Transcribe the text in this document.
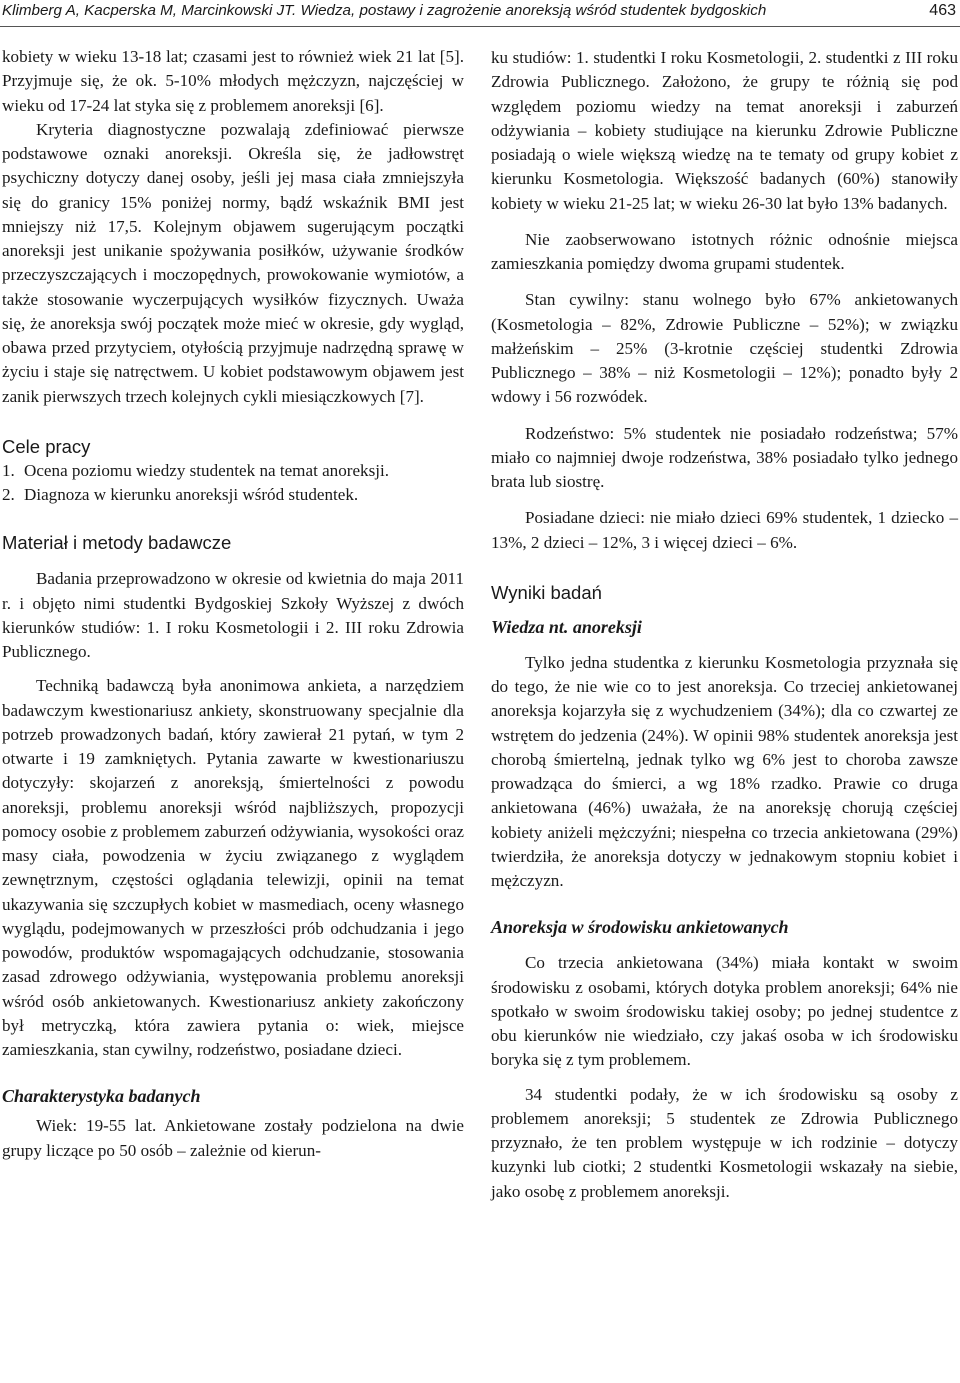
Klimberg A, Kacperska M, Marcinkowski JT. Wiedza, postawy i zagrożenie anoreksją wśród studentek bydgoskich	463

kobiety w wieku 13-18 lat; czasami jest to również wiek 21 lat [5]. Przyjmuje się, że ok. 5-10% młodych mężczyzn, najczęściej w wieku od 17-24 lat styka się z problemem anoreksji [6].

Kryteria diagnostyczne pozwalają zdefiniować pierwsze podstawowe oznaki anoreksji. Określa się, że jadłowstręt psychiczny dotyczy danej osoby, jeśli jej masa ciała zmniejszyła się do granicy 15% poniżej normy, bądź wskaźnik BMI jest mniejszy niż 17,5. Kolejnym objawem sugerującym początki anoreksji jest unikanie spożywania posiłków, używanie środków przeczyszczających i moczopędnych, prowokowanie wymiotów, a także stosowanie wyczerpujących wysiłków fizycznych. Uważa się, że anoreksja swój początek może mieć w okresie, gdy wygląd, obawa przed przytyciem, otyłością przyjmuje nadrzędną sprawę w życiu i staje się natręctwem. U kobiet podstawowym objawem jest zanik pierwszych trzech kolejnych cykli miesiączkowych [7].

Cele pracy
1. Ocena poziomu wiedzy studentek na temat anoreksji.
2. Diagnoza w kierunku anoreksji wśród studentek.
Materiał i metody badawcze

Badania przeprowadzono w okresie od kwietnia do maja 2011 r. i objęto nimi studentki Bydgoskiej Szkoły Wyższej z dwóch kierunków studiów: 1. I roku Kosmetologii i 2. III roku Zdrowia Publicznego.

Techniką badawczą była anonimowa ankieta, a narzędziem badawczym kwestionariusz ankiety, skonstruowany specjalnie dla potrzeb prowadzonych badań, który zawierał 21 pytań, w tym 2 otwarte i 19 zamkniętych. Pytania zawarte w kwestionariuszu dotyczyły: skojarzeń z anoreksją, śmiertelności z powodu anoreksji, problemu anoreksji wśród najbliższych, propozycji pomocy osobie z problemem zaburzeń odżywiania, wysokości oraz masy ciała, powodzenia w życiu związanego z wyglądem zewnętrznym, częstości oglądania telewizji, opinii na temat ukazywania się szczupłych kobiet w masmediach, oceny własnego wyglądu, podejmowanych w przeszłości prób odchudzania i jego powodów, produktów wspomagających odchudzanie, stosowania zasad zdrowego odżywiania, występowania problemu anoreksji wśród osób ankietowanych. Kwestionariusz ankiety zakończony był metryczką, która zawiera pytania o: wiek, miejsce zamieszkania, stan cywilny, rodzeństwo, posiadane dzieci.

Charakterystyka badanych

Wiek: 19-55 lat. Ankietowane zostały podzielona na dwie grupy liczące po 50 osób – zależnie od kierun-

ku studiów: 1. studentki I roku Kosmetologii, 2. studentki z III roku Zdrowia Publicznego. Założono, że grupy te różnią się pod względem poziomu wiedzy na temat anoreksji i zaburzeń odżywiania – kobiety studiujące na kierunku Zdrowie Publiczne posiadają o wiele większą wiedzę na te tematy od grupy kobiet z kierunku Kosmetologia. Większość badanych (60%) stanowiły kobiety w wieku 21-25 lat; w wieku 26-30 lat było 13% badanych.

Nie zaobserwowano istotnych różnic odnośnie miejsca zamieszkania pomiędzy dwoma grupami studentek.

Stan cywilny: stanu wolnego było 67% ankietowanych (Kosmetologia – 82%, Zdrowie Publiczne – 52%); w związku małżeńskim – 25% (3-krotnie częściej studentki Zdrowia Publicznego – 38% – niż Kosmetologii – 12%); ponadto były 2 wdowy i 56 rozwódek.

Rodzeństwo: 5% studentek nie posiadało rodzeństwa; 57% miało co najmniej dwoje rodzeństwa, 38% posiadało tylko jednego brata lub siostrę.

Posiadane dzieci: nie miało dzieci 69% studentek, 1 dziecko – 13%, 2 dzieci – 12%, 3 i więcej dzieci – 6%.

Wyniki badań
Wiedza nt. anoreksji

Tylko jedna studentka z kierunku Kosmetologia przyznała się do tego, że nie wie co to jest anoreksja. Co trzeciej ankietowanej anoreksja kojarzyła się z wychudzeniem (34%); dla co czwartej ze wstrętem do jedzenia (24%). W opinii 98% studentek anoreksja jest chorobą śmiertelną, jednak tylko wg 6% jest to choroba zawsze prowadząca do śmierci, a wg 18% rzadko. Prawie co druga ankietowana (46%) uważała, że na anoreksję chorują częściej kobiety aniżeli mężczyźni; niespełna co trzecia ankietowana (29%) twierdziła, że anoreksja dotyczy w jednakowym stopniu kobiet i mężczyzn.

Anoreksja w środowisku ankietowanych

Co trzecia ankietowana (34%) miała kontakt w swoim środowisku z osobami, których dotyka problem anoreksji; 64% nie spotkało w swoim środowisku takiej osoby; po jednej studentce z obu kierunków nie wiedziało, czy jakaś osoba w ich środowisku boryka się z tym problemem.

34 studentki podały, że w ich środowisku są osoby z problemem anoreksji; 5 studentek ze Zdrowia Publicznego przyznało, że ten problem występuje w ich rodzinie – dotyczy kuzynki lub ciotki; 2 studentki Kosmetologii wskazały na siebie, jako osobę z problemem anoreksji.
